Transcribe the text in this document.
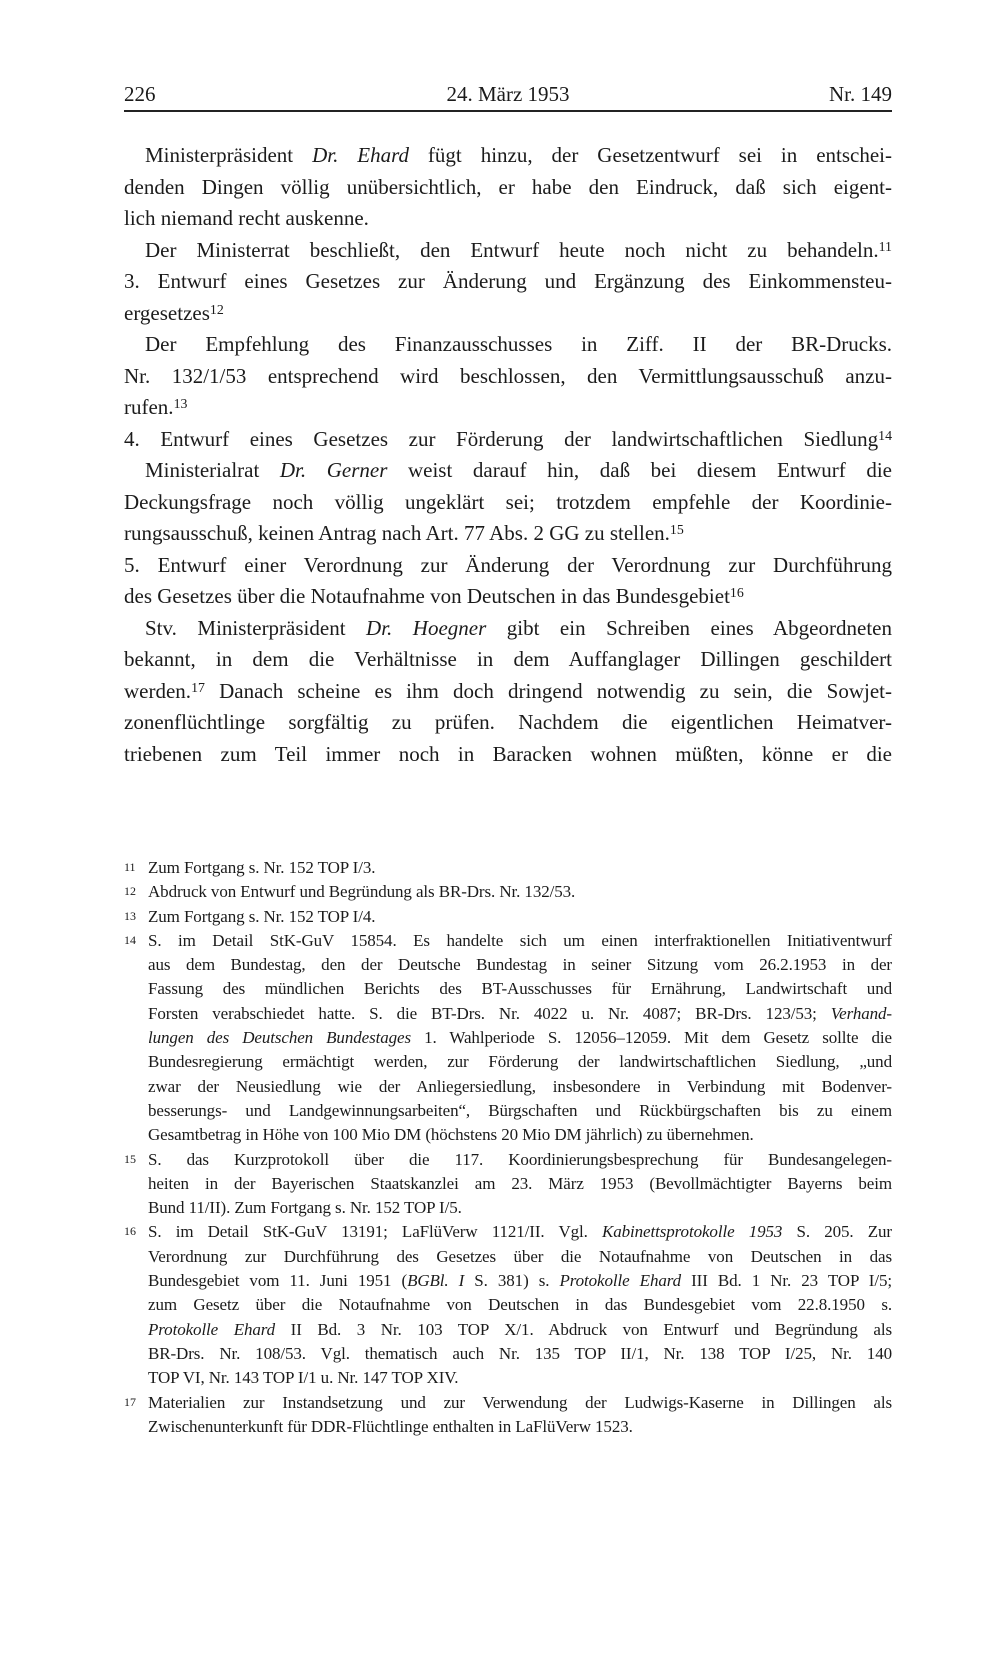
226	24. März 1953	Nr. 149
Ministerpräsident Dr. Ehard fügt hinzu, der Gesetzentwurf sei in entschei-
denden Dingen völlig unübersichtlich, er habe den Eindruck, daß sich eigent-
lich niemand recht auskenne.
Der Ministerrat beschließt, den Entwurf heute noch nicht zu behandeln.$^{11}$
3. Entwurf eines Gesetzes zur Änderung und Ergänzung des Einkommensteu-
ergesetzes$^{12}$
Der Empfehlung des Finanzausschusses in Ziff. II der BR-Drucks.
Nr. 132/1/53 entsprechend wird beschlossen, den Vermittlungsausschuß anzu-
rufen.$^{13}$
4. Entwurf eines Gesetzes zur Förderung der landwirtschaftlichen Siedlung$^{14}$
Ministerialrat Dr. Gerner weist darauf hin, daß bei diesem Entwurf die
Deckungsfrage noch völlig ungeklärt sei; trotzdem empfehle der Koordinie-
rungsausschuß, keinen Antrag nach Art. 77 Abs. 2 GG zu stellen.$^{15}$
5. Entwurf einer Verordnung zur Änderung der Verordnung zur Durchführung
des Gesetzes über die Notaufnahme von Deutschen in das Bundesgebiet$^{16}$
Stv. Ministerpräsident Dr. Hoegner gibt ein Schreiben eines Abgeordneten
bekannt, in dem die Verhältnisse in dem Auffanglager Dillingen geschildert
werden.$^{17}$ Danach scheine es ihm doch dringend notwendig zu sein, die Sowjet-
zonenflüchtlinge sorgfältig zu prüfen. Nachdem die eigentlichen Heimatver-
triebenen zum Teil immer noch in Baracken wohnen müßten, könne er die
11 Zum Fortgang s. Nr. 152 TOP I/3.
12 Abdruck von Entwurf und Begründung als BR-Drs. Nr. 132/53.
13 Zum Fortgang s. Nr. 152 TOP I/4.
14 S. im Detail StK-GuV 15854. Es handelte sich um einen interfraktionellen Initiativentwurf
aus dem Bundestag, den der Deutsche Bundestag in seiner Sitzung vom 26.2.1953 in der
Fassung des mündlichen Berichts des BT-Ausschusses für Ernährung, Landwirtschaft und
Forsten verabschiedet hatte. S. die BT-Drs. Nr. 4022 u. Nr. 4087; BR-Drs. 123/53; Verhand-
lungen des Deutschen Bundestages 1. Wahlperiode S. 12056–12059. Mit dem Gesetz sollte die
Bundesregierung ermächtigt werden, zur Förderung der landwirtschaftlichen Siedlung, „und
zwar der Neusiedlung wie der Anliegersiedlung, insbesondere in Verbindung mit Bodenver-
besserungs- und Landgewinnungsarbeiten“, Bürgschaften und Rückbürgschaften bis zu einem
Gesamtbetrag in Höhe von 100 Mio DM (höchstens 20 Mio DM jährlich) zu übernehmen.
15 S. das Kurzprotokoll über die 117. Koordinierungsbesprechung für Bundesangelegen-
heiten in der Bayerischen Staatskanzlei am 23. März 1953 (Bevollmächtigter Bayerns beim
Bund 11/II). Zum Fortgang s. Nr. 152 TOP I/5.
16 S. im Detail StK-GuV 13191; LaFlüVerw 1121/II. Vgl. Kabinettsprotokolle 1953 S. 205. Zur
Verordnung zur Durchführung des Gesetzes über die Notaufnahme von Deutschen in das
Bundesgebiet vom 11. Juni 1951 (BGBl. I S. 381) s. Protokolle Ehard III Bd. 1 Nr. 23 TOP I/5;
zum Gesetz über die Notaufnahme von Deutschen in das Bundesgebiet vom 22.8.1950 s.
Protokolle Ehard II Bd. 3 Nr. 103 TOP X/1. Abdruck von Entwurf und Begründung als
BR-Drs. Nr. 108/53. Vgl. thematisch auch Nr. 135 TOP II/1, Nr. 138 TOP I/25, Nr. 140
TOP VI, Nr. 143 TOP I/1 u. Nr. 147 TOP XIV.
17 Materialien zur Instandsetzung und zur Verwendung der Ludwigs-Kaserne in Dillingen als
Zwischenunterkunft für DDR-Flüchtlinge enthalten in LaFlüVerw 1523.
